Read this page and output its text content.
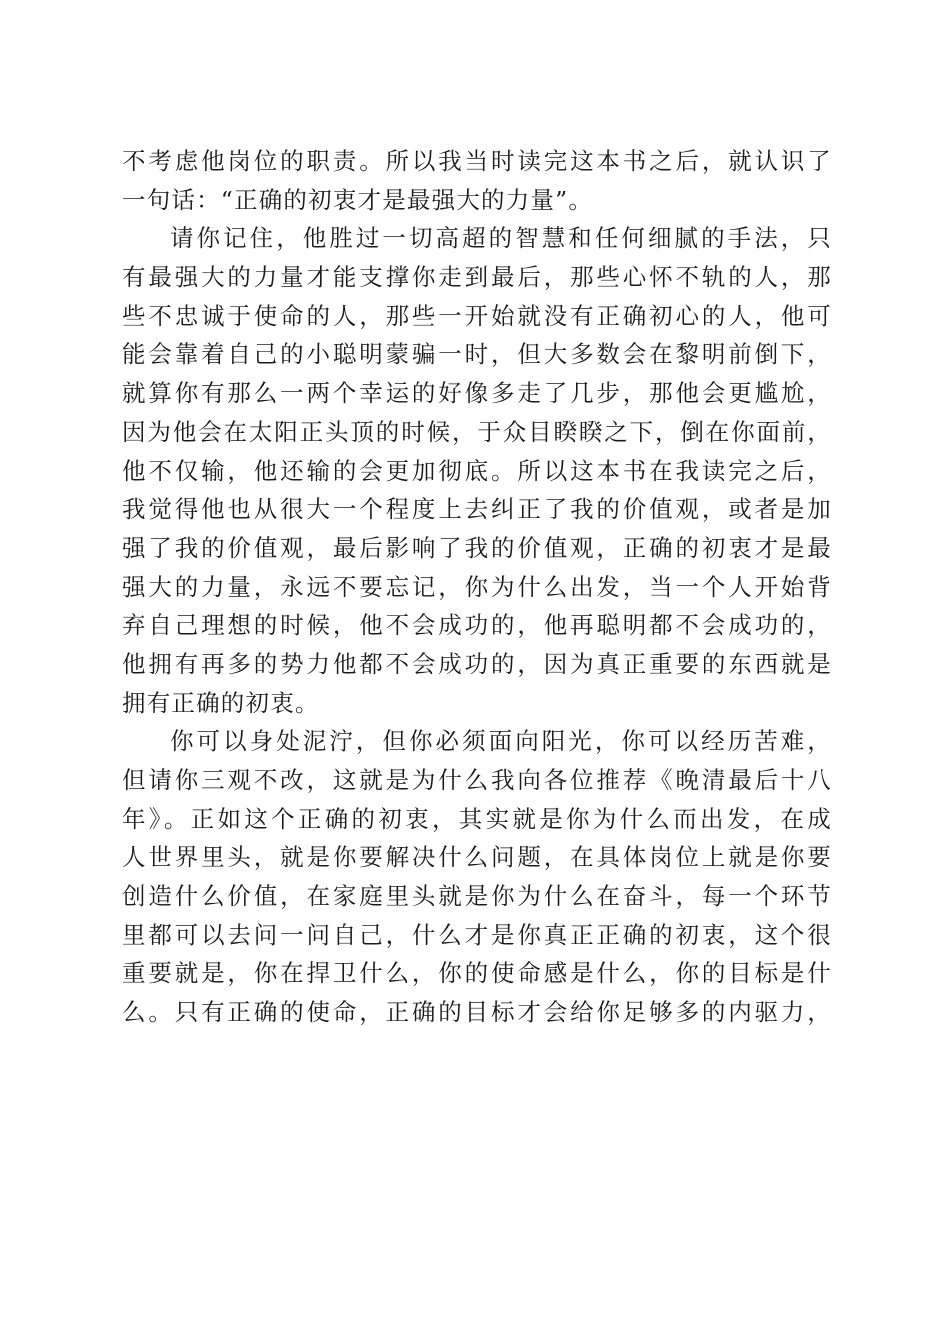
不考虑他岗位的职责。所以我当时读完这本书之后，就认识了
一句话：“正确的初衷才是最强大的力量”。
请你记住，他胜过一切高超的智慧和任何细腻的手法，只
有最强大的力量才能支撑你走到最后，那些心怀不轨的人，那
些不忠诚于使命的人，那些一开始就没有正确初心的人，他可
能会靠着自己的小聪明蒙骗一时，但大多数会在黎明前倒下，
就算你有那么一两个幸运的好像多走了几步，那他会更尴尬，
因为他会在太阳正头顶的时候，于众目睽睽之下，倒在你面前，
他不仅输，他还输的会更加彻底。所以这本书在我读完之后，
我觉得他也从很大一个程度上去纠正了我的价值观，或者是加
强了我的价值观，最后影响了我的价值观，正确的初衷才是最
强大的力量，永远不要忘记，你为什么出发，当一个人开始背
弃自己理想的时候，他不会成功的，他再聪明都不会成功的，
他拥有再多的势力他都不会成功的，因为真正重要的东西就是
拥有正确的初衷。
你可以身处泥泞，但你必须面向阳光，你可以经历苦难，
但请你三观不改，这就是为什么我向各位推荐《晚清最后十八
年》。正如这个正确的初衷，其实就是你为什么而出发，在成
人世界里头，就是你要解决什么问题，在具体岗位上就是你要
创造什么价值，在家庭里头就是你为什么在奋斗，每一个环节
里都可以去问一问自己，什么才是你真正正确的初衷，这个很
重要就是，你在捍卫什么，你的使命感是什么，你的目标是什
么。只有正确的使命，正确的目标才会给你足够多的内驱力，
